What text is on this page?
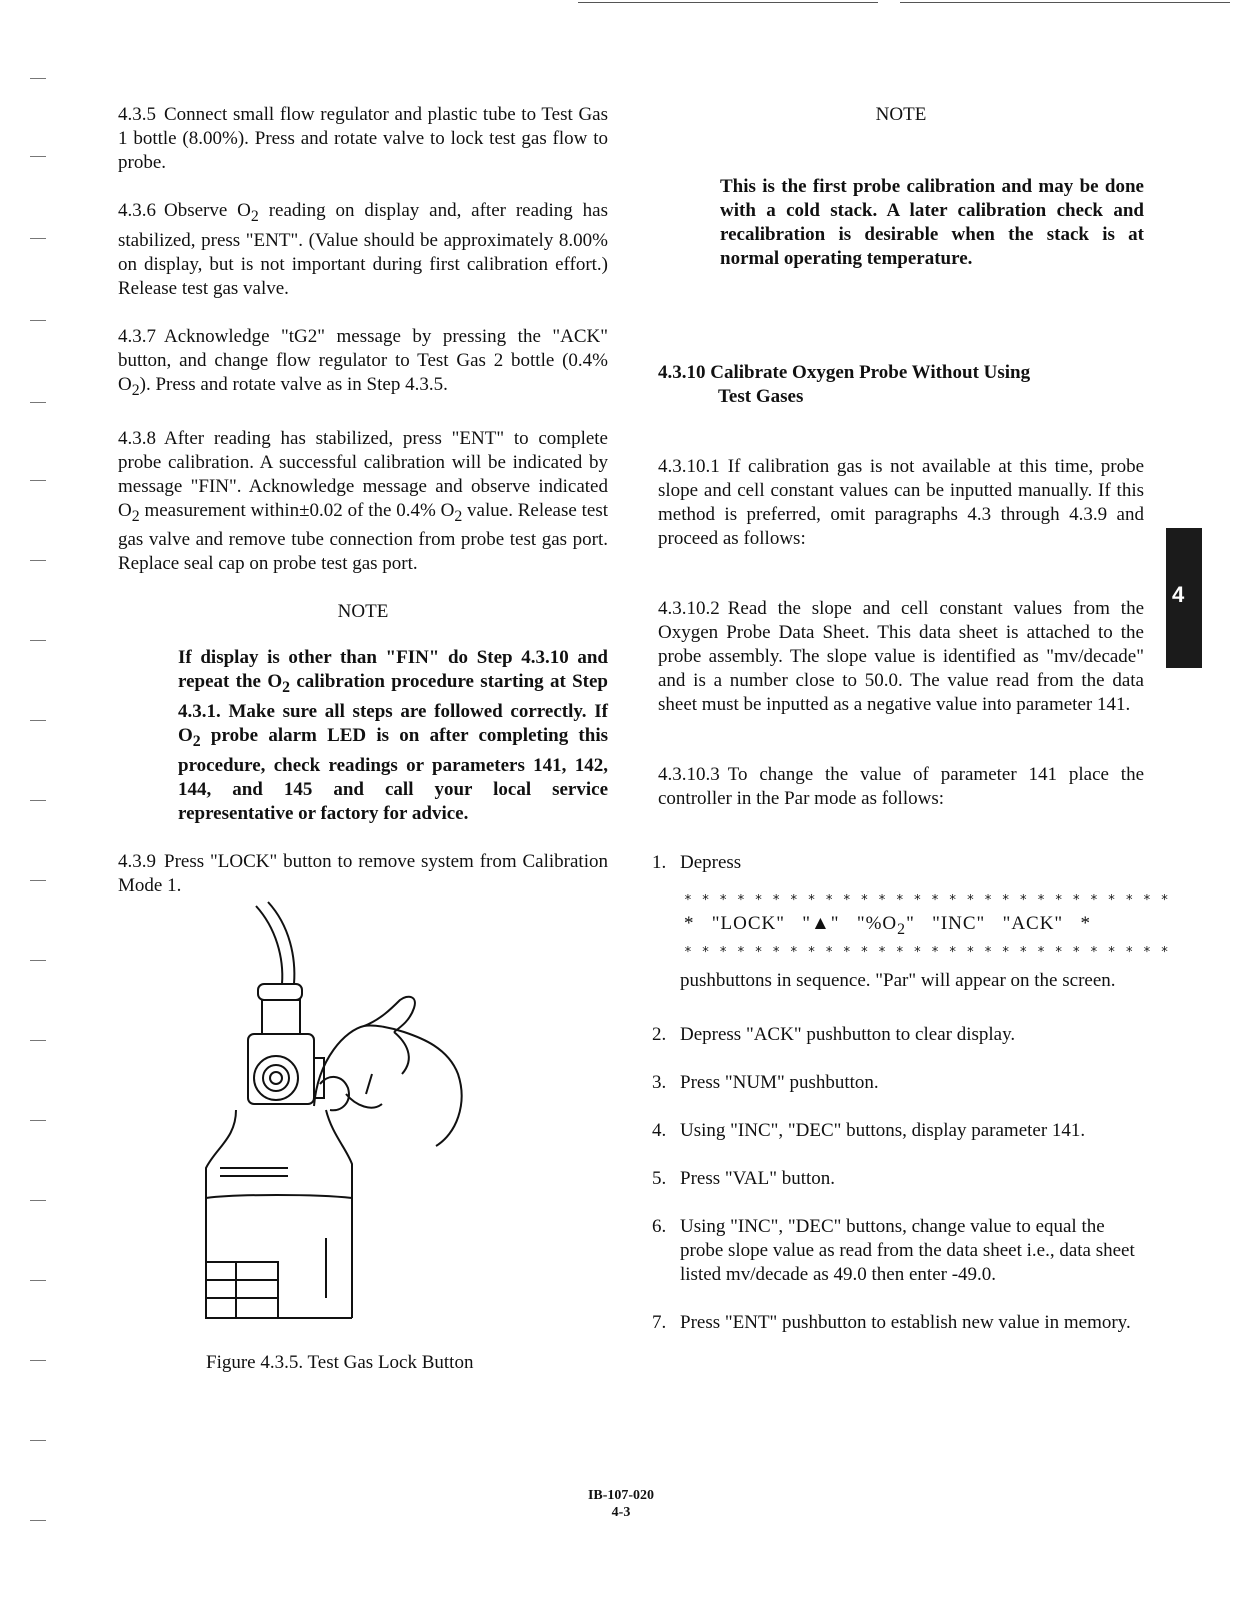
4.3.5 Connect small flow regulator and plastic tube to Test Gas 1 bottle (8.00%). Press and rotate valve to lock test gas flow to probe.

4.3.6 Observe $O_2$ reading on display and, after reading has stabilized, press "ENT". (Value should be approximately 8.00% on display, but is not important during first calibration effort.) Release test gas valve.

4.3.7 Acknowledge "tG2" message by pressing the "ACK" button, and change flow regulator to Test Gas 2 bottle (0.4% $O_2$). Press and rotate valve as in Step 4.3.5.

4.3.8 After reading has stabilized, press "ENT" to complete probe calibration. A successful calibration will be indicated by message "FIN". Acknowledge message and observe indicated $O_2$ measurement within±0.02 of the 0.4% $O_2$ value. Release test gas valve and remove tube connection from probe test gas port. Replace seal cap on probe test gas port.

NOTE

If display is other than "FIN" do Step 4.3.10 and repeat the $O_2$ calibration procedure starting at Step 4.3.1. Make sure all steps are followed correctly. If $O_2$ probe alarm LED is on after completing this procedure, check readings or parameters 141, 142, 144, and 145 and call your local service representative or factory for advice.

4.3.9 Press "LOCK" button to remove system from Calibration Mode 1.

Figure 4.3.5. Test Gas Lock Button

NOTE

This is the first probe calibration and may be done with a cold stack. A later calibration check and recalibration is desirable when the stack is at normal operating temperature.

4.3.10 Calibrate Oxygen Probe Without Using
Test Gases

4.3.10.1 If calibration gas is not available at this time, probe slope and cell constant values can be inputted manually. If this method is preferred, omit paragraphs 4.3 through 4.3.9 and proceed as follows:

4.3.10.2 Read the slope and cell constant values from the Oxygen Probe Data Sheet. This data sheet is attached to the probe assembly. The slope value is identified as "mv/decade" and is a number close to 50.0. The value read from the data sheet must be inputted as a negative value into parameter 141.

4.3.10.3 To change the value of parameter 141 place the controller in the Par mode as follows:

1. Depress
* * * * * * * * * * * * * * * * * * * * * * * * * * * *
* "LOCK" "▲" "$\%O_2$" "INC" "ACK" *
* * * * * * * * * * * * * * * * * * * * * * * * * * * *

pushbuttons in sequence. "Par" will appear on the screen.

2. Depress "ACK" pushbutton to clear display.
3. Press "NUM" pushbutton.
4. Using "INC", "DEC" buttons, display parameter 141.
5. Press "VAL" button.
6. Using "INC", "DEC" buttons, change value to equal the probe slope value as read from the data sheet i.e., data sheet listed mv/decade as 49.0 then enter -49.0.
7. Press "ENT" pushbutton to establish new value in memory.
4
IB-107-020
4-3
